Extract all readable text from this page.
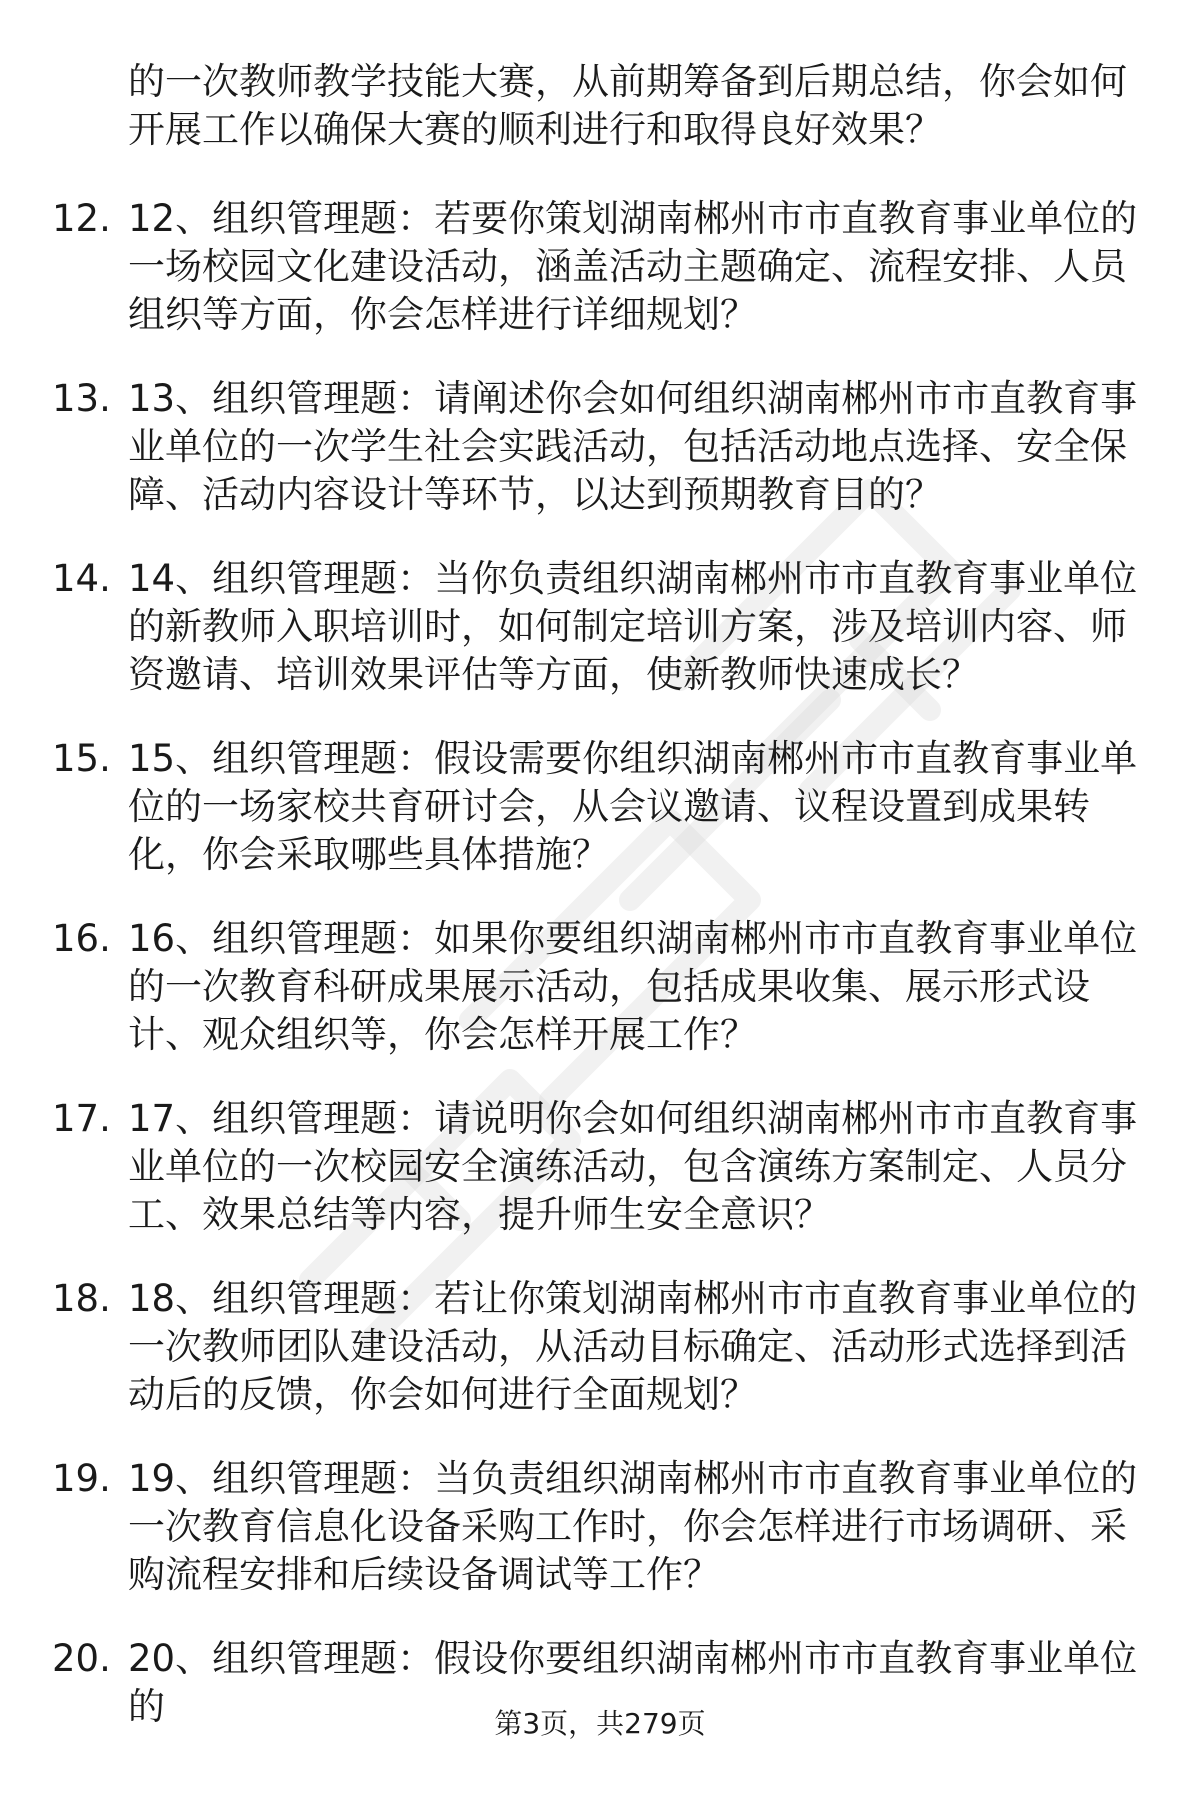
的一次教师教学技能大赛，从前期筹备到后期总结，你会如何开展工作以确保大赛的顺利进行和取得良好效果？
12. 12、组织管理题：若要你策划湖南郴州市市直教育事业单位的一场校园文化建设活动，涵盖活动主题确定、流程安排、人员组织等方面，你会怎样进行详细规划？
13. 13、组织管理题：请阐述你会如何组织湖南郴州市市直教育事业单位的一次学生社会实践活动，包括活动地点选择、安全保障、活动内容设计等环节，以达到预期教育目的？
14. 14、组织管理题：当你负责组织湖南郴州市市直教育事业单位的新教师入职培训时，如何制定培训方案，涉及培训内容、师资邀请、培训效果评估等方面，使新教师快速成长？
15. 15、组织管理题：假设需要你组织湖南郴州市市直教育事业单位的一场家校共育研讨会，从会议邀请、议程设置到成果转化，你会采取哪些具体措施？
16. 16、组织管理题：如果你要组织湖南郴州市市直教育事业单位的一次教育科研成果展示活动，包括成果收集、展示形式设计、观众组织等，你会怎样开展工作？
17. 17、组织管理题：请说明你会如何组织湖南郴州市市直教育事业单位的一次校园安全演练活动，包含演练方案制定、人员分工、效果总结等内容，提升师生安全意识？
18. 18、组织管理题：若让你策划湖南郴州市市直教育事业单位的一次教师团队建设活动，从活动目标确定、活动形式选择到活动后的反馈，你会如何进行全面规划？
19. 19、组织管理题：当负责组织湖南郴州市市直教育事业单位的一次教育信息化设备采购工作时，你会怎样进行市场调研、采购流程安排和后续设备调试等工作？
20. 20、组织管理题：假设你要组织湖南郴州市市直教育事业单位的	第3页，共279页
